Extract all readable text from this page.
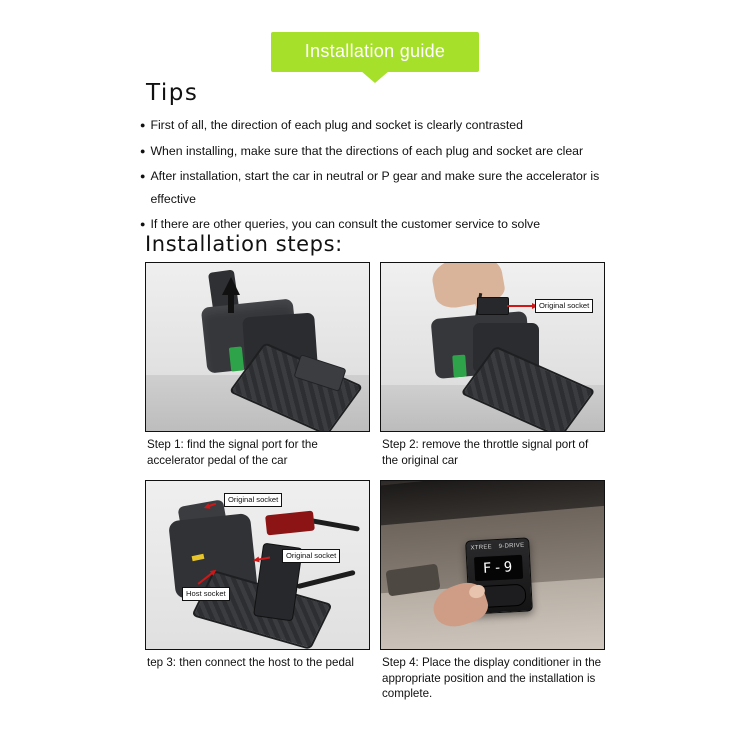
Installation guide
Tips
● First of all, the direction of each plug and socket is clearly contrasted
● When installing, make sure that the directions of each plug and socket are clear
● After installation, start the car in neutral or P gear and make sure the accelerator is effective
● If there are other queries, you can consult the customer service to solve
Installation steps:
Step 1: find the signal port for the accelerator pedal of the car
Original socket
Step 2: remove the throttle signal port of the original car
Original socket
Original socket
Host socket
tep 3: then connect the host to the pedal
XTREE 9-DRIVE
F-9
Step 4: Place the display conditioner in the appropriate position and the installation is complete.
